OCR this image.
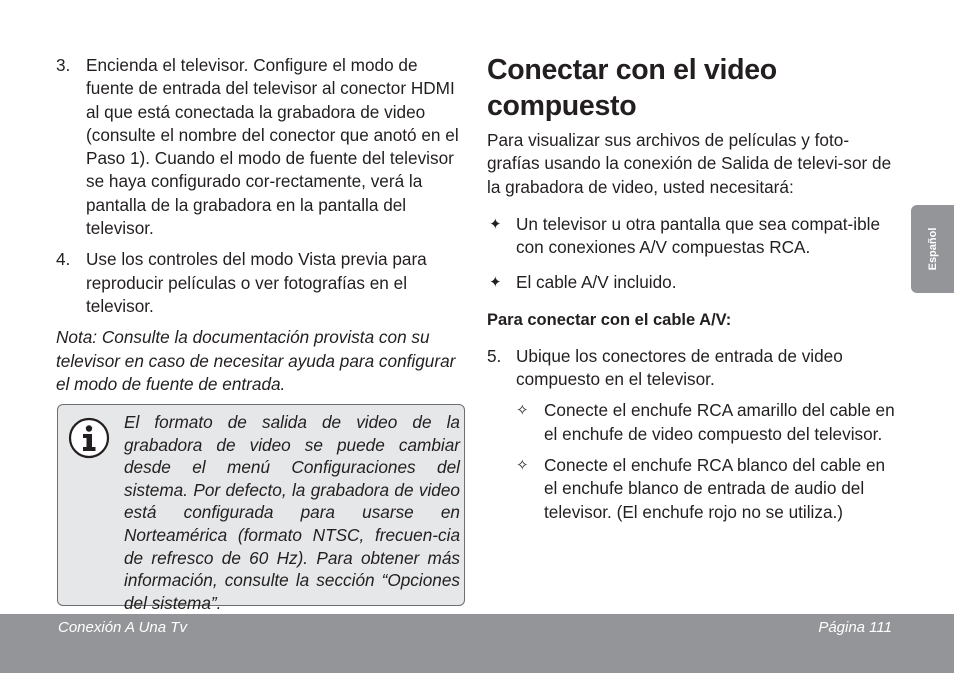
3. Encienda el televisor. Configure el modo de fuente de entrada del televisor al conector HDMI al que está conectada la grabadora de video (consulte el nombre del conector que anotó en el Paso 1). Cuando el modo de fuente del televisor se haya configurado cor-rectamente, verá la pantalla de la grabadora en la pantalla del televisor.

4. Use los controles del modo Vista previa para reproducir películas o ver fotografías en el televisor.

Nota: Consulte la documentación provista con su televisor en caso de necesitar ayuda para configurar el modo de fuente de entrada.
El formato de salida de video de la grabadora de video se puede cambiar desde el menú Configuraciones del sistema. Por defecto, la grabadora de video está configurada para usarse en Norteamérica (formato NTSC, frecuen-cia de refresco de 60 Hz). Para obtener más información, consulte la sección “Opciones del sistema”.
Conectar con el video compuesto
Para visualizar sus archivos de películas y foto-grafías usando la conexión de Salida de televi-sor de la grabadora de video, usted necesitará:
✦ Un televisor u otra pantalla que sea compat-ible con conexiones A/V compuestas RCA.
✦ El cable A/V incluido.
Para conectar con el cable A/V:
5. Ubique los conectores de entrada de video compuesto en el televisor.
✧ Conecte el enchufe RCA amarillo del cable en el enchufe de video compuesto del televisor.
✧ Conecte el enchufe RCA blanco del cable en el enchufe blanco de entrada de audio del televisor. (El enchufe rojo no se utiliza.)
Español
Conexión A Una Tv	Página 111
